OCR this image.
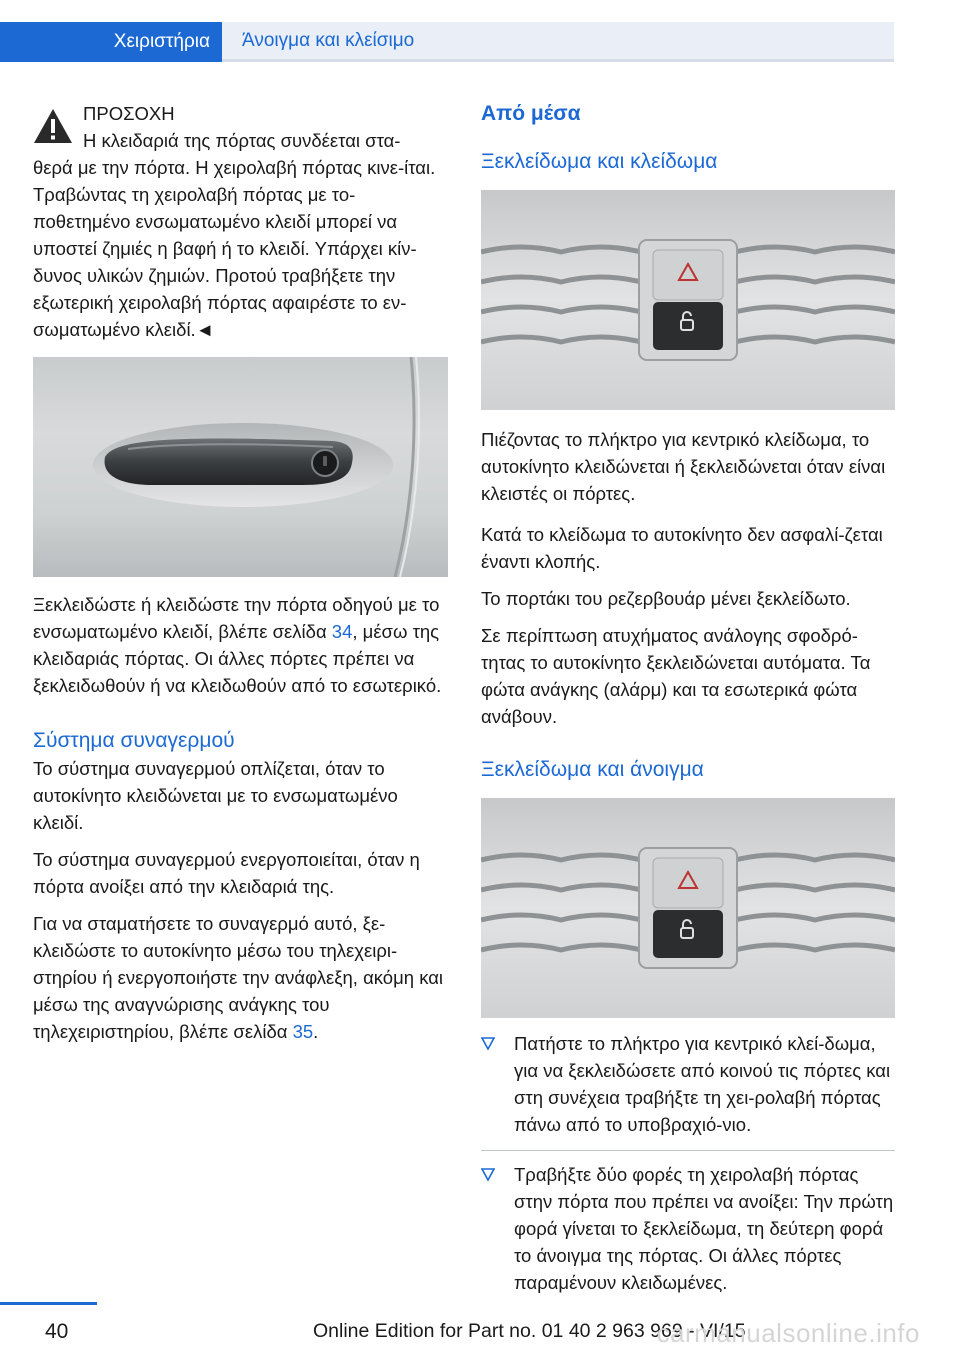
Χειριστήρια Άνοιγμα και κλείσιμο

ΠΡΟΣΟΧΗ

Η κλειδαριά της πόρτας συνδέεται στα-

θερά με την πόρτα. Η χειρολαβή πόρτας κινε-ίται. Τραβώντας τη χειρολαβή πόρτας με το-ποθετημένο ενσωματωμένο κλειδί μπορεί να υποστεί ζημιές η βαφή ή το κλειδί. Υπάρχει κίν-δυνος υλικών ζημιών. Προτού τραβήξετε την εξωτερική χειρολαβή πόρτας αφαιρέστε το εν-σωματωμένο κλειδί.◄

Ξεκλειδώστε ή κλειδώστε την πόρτα οδηγού με το ενσωματωμένο κλειδί, βλέπε σελίδα 34, μέσω της κλειδαριάς πόρτας. Οι άλλες πόρτες πρέπει να ξεκλειδωθούν ή να κλειδωθούν από το εσωτερικό.

Σύστημα συναγερμού

Το σύστημα συναγερμού οπλίζεται, όταν το αυτοκίνητο κλειδώνεται με το ενσωματωμένο κλειδί.

Το σύστημα συναγερμού ενεργοποιείται, όταν η πόρτα ανοίξει από την κλειδαριά της.

Για να σταματήσετε το συναγερμό αυτό, ξε-κλειδώστε το αυτοκίνητο μέσω του τηλεχειρι-στηρίου ή ενεργοποιήστε την ανάφλεξη, ακόμη και μέσω της αναγνώρισης ανάγκης του τηλεχειριστηρίου, βλέπε σελίδα 35.

Από μέσα

Ξεκλείδωμα και κλείδωμα

Πιέζοντας το πλήκτρο για κεντρικό κλείδωμα, το αυτοκίνητο κλειδώνεται ή ξεκλειδώνεται όταν είναι κλειστές οι πόρτες.

Κατά το κλείδωμα το αυτοκίνητο δεν ασφαλί-ζεται έναντι κλοπής.

Το πορτάκι του ρεζερβουάρ μένει ξεκλείδωτο.

Σε περίπτωση ατυχήματος ανάλογης σφοδρό-τητας το αυτοκίνητο ξεκλειδώνεται αυτόματα. Τα φώτα ανάγκης (αλάρμ) και τα εσωτερικά φώτα ανάβουν.

Ξεκλείδωμα και άνοιγμα

Πατήστε το πλήκτρο για κεντρικό κλεί-δωμα, για να ξεκλειδώσετε από κοινού τις πόρτες και στη συνέχεια τραβήξτε τη χει-ρολαβή πόρτας πάνω από το υποβραχιό-νιο.

Τραβήξτε δύο φορές τη χειρολαβή πόρτας στην πόρτα που πρέπει να ανοίξει: Την πρώτη φορά γίνεται το ξεκλείδωμα, τη δεύτερη φορά το άνοιγμα της πόρτας. Οι άλλες πόρτες παραμένουν κλειδωμένες.

40	Online Edition for Part no. 01 40 2 963 969 - VI/15
carmanualsonline.info
